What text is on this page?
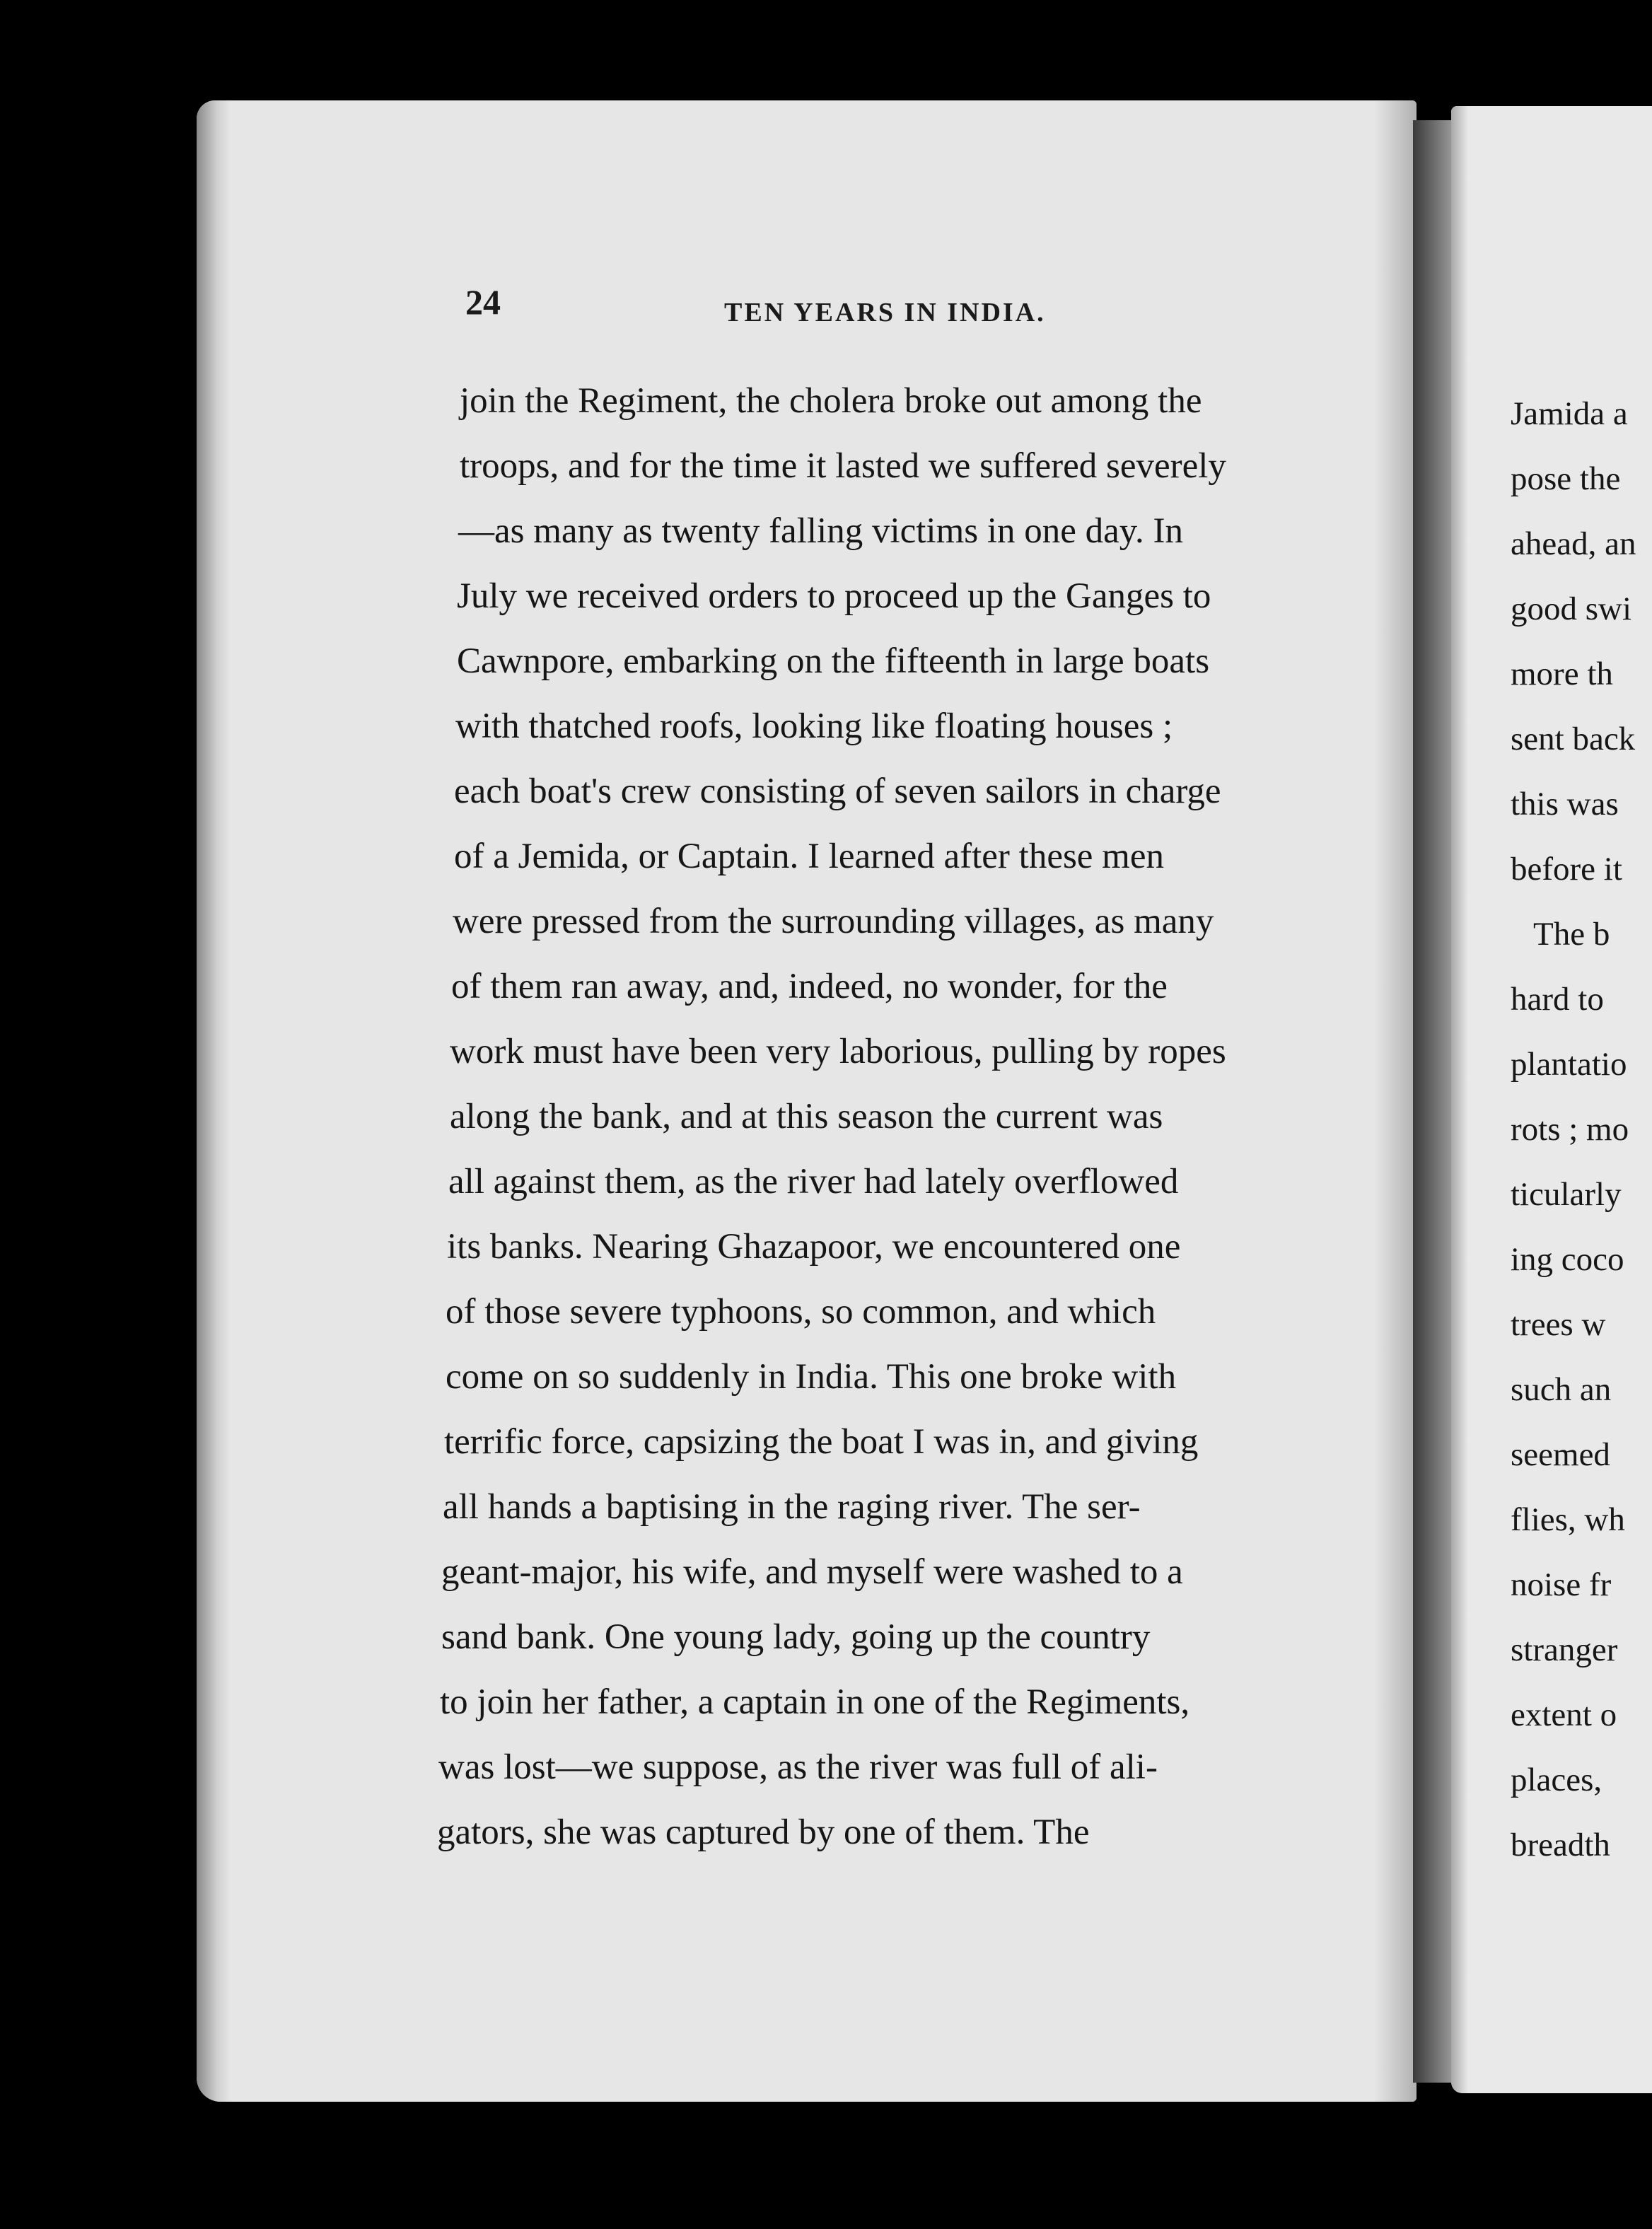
24	TEN YEARS IN INDIA.

join the Regiment, the cholera broke out among the

troops, and for the time it lasted we suffered severely

—as many as twenty falling victims in one day. In

July we received orders to proceed up the Ganges to

Cawnpore, embarking on the fifteenth in large boats

with thatched roofs, looking like floating houses ;

each boat's crew consisting of seven sailors in charge

of a Jemida, or Captain. I learned after these men

were pressed from the surrounding villages, as many

of them ran away, and, indeed, no wonder, for the

work must have been very laborious, pulling by ropes

along the bank, and at this season the current was

all against them, as the river had lately overflowed

its banks. Nearing Ghazapoor, we encountered one

of those severe typhoons, so common, and which

come on so suddenly in India. This one broke with

terrific force, capsizing the boat I was in, and giving

all hands a baptising in the raging river. The ser-

geant-major, his wife, and myself were washed to a

sand bank. One young lady, going up the country

to join her father, a captain in one of the Regiments,

was lost—we suppose, as the river was full of ali-

gators, she was captured by one of them. The

Jamida a

pose the

ahead, an

good swi

more th

sent back

this was

before it

The b

hard to

plantatio

rots ; mo

ticularly

ing coco

trees w

such an

seemed

flies, wh

noise fr

stranger

extent o

places,

breadth
